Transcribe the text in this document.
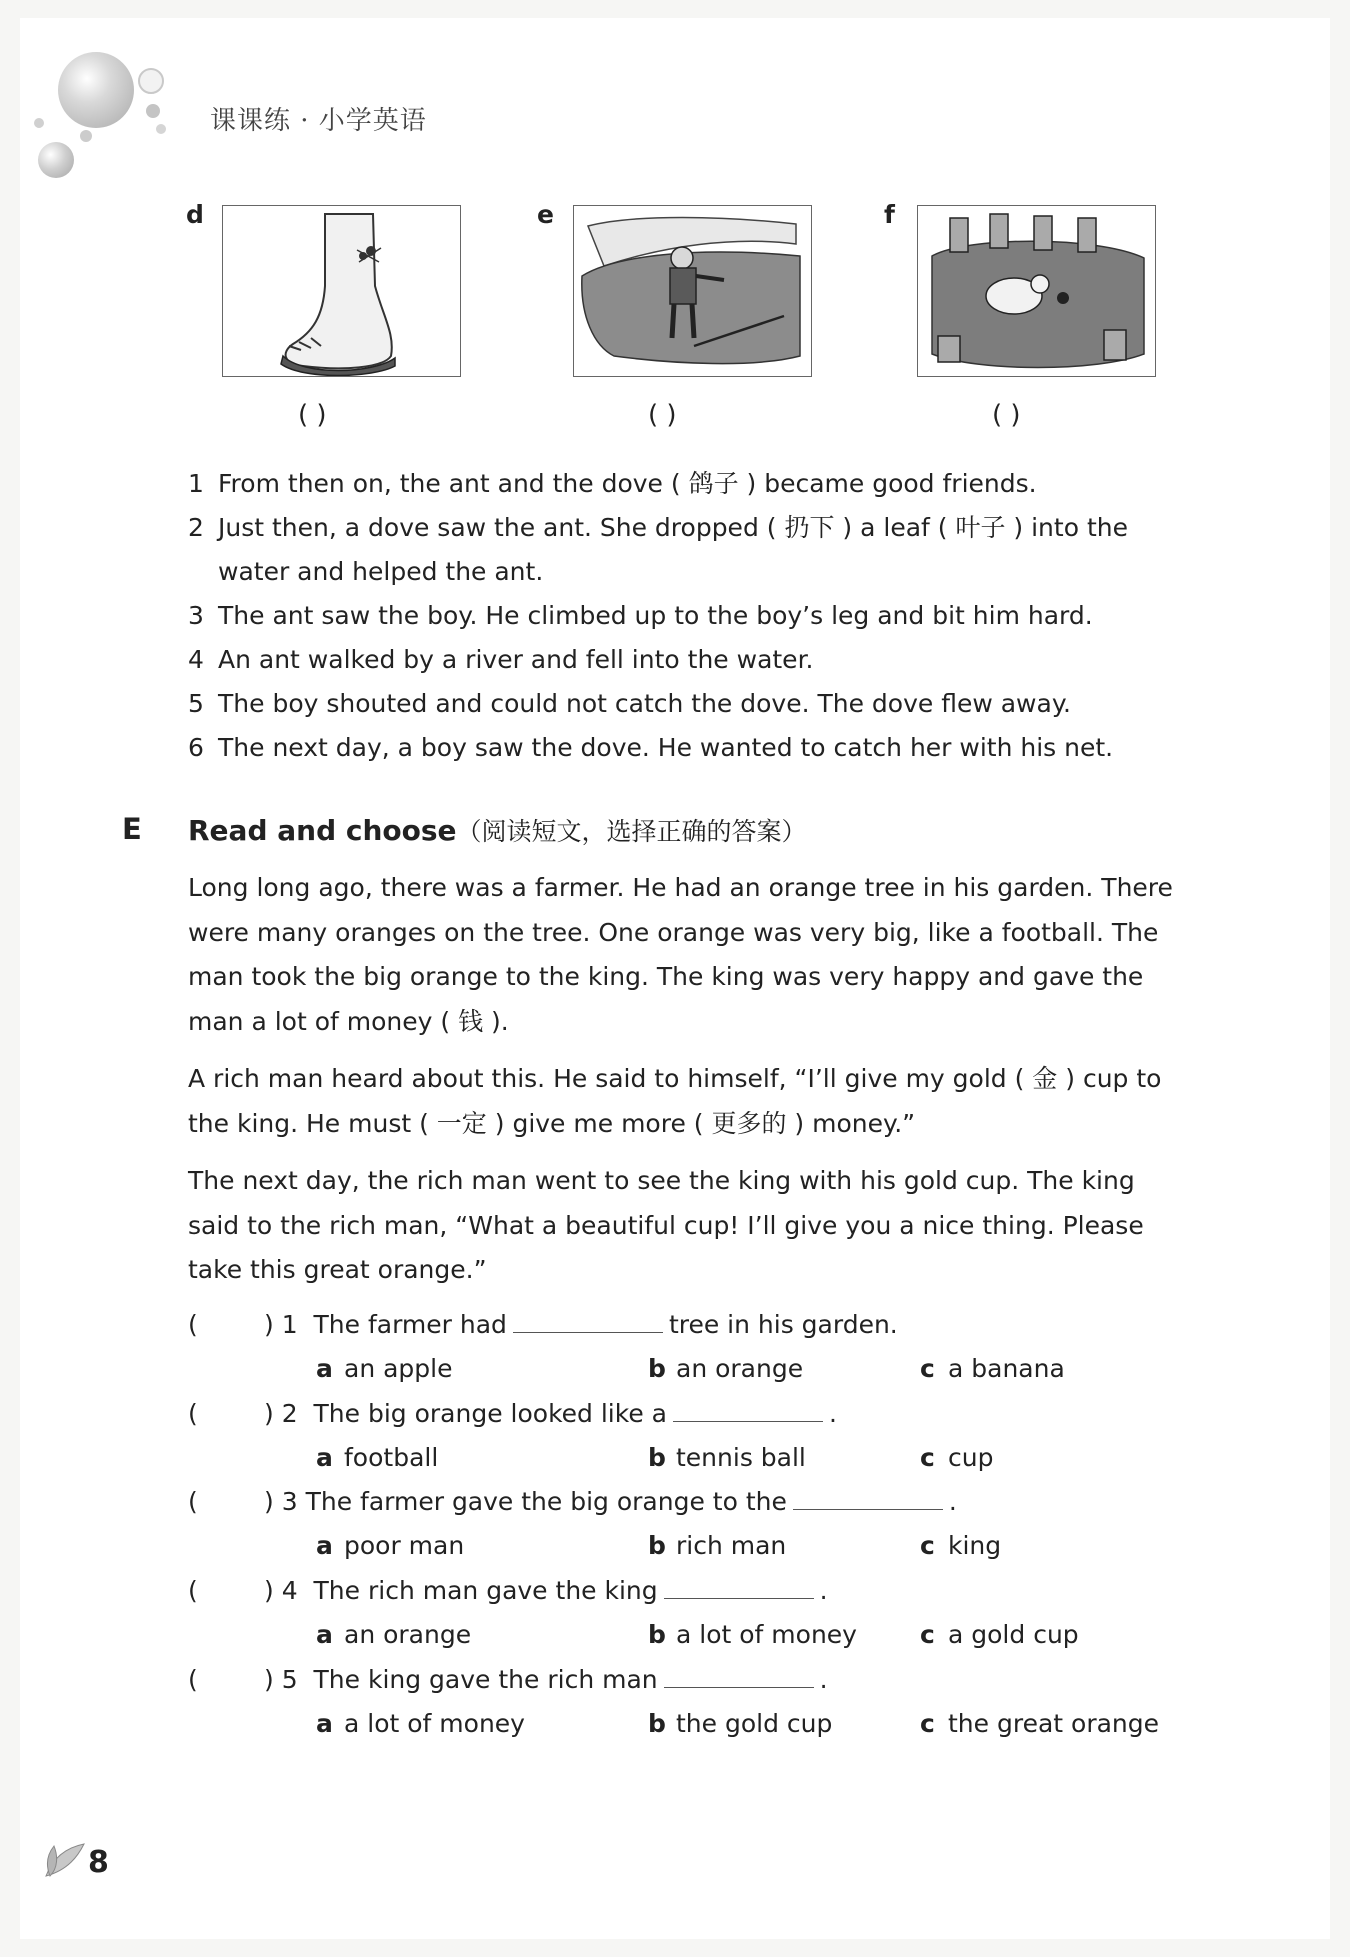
课课练 · 小学英语
d
( )
e
( )
f
( )
1 From then on, the ant and the dove ( 鸽子 ) became good friends.
2 Just then, a dove saw the ant. She dropped ( 扔下 ) a leaf ( 叶子 ) into the
water and helped the ant.
3 The ant saw the boy. He climbed up to the boy’s leg and bit him hard.
4 An ant walked by a river and fell into the water.
5 The boy shouted and could not catch the dove. The dove flew away.
6 The next day, a boy saw the dove. He wanted to catch her with his net.
E Read and choose（阅读短文，选择正确的答案）
Long long ago, there was a farmer. He had an orange tree in his garden. There were many oranges on the tree. One orange was very big, like a football. The man took the big orange to the king. The king was very happy and gave the man a lot of money ( 钱 ).
A rich man heard about this. He said to himself, “I’ll give my gold ( 金 ) cup to the king. He must ( 一定 ) give me more ( 更多的 ) money.”
The next day, the rich man went to see the king with his gold cup. The king said to the rich man, “What a beautiful cup! I’ll give you a nice thing. Please take this great orange.”
(	) 1 The farmer had	tree in his garden.
a an apple	b an orange	c a banana
(	) 2 The big orange looked like a	.
a football	b tennis ball	c cup
(	) 3 The farmer gave the big orange to the	.
a poor man	b rich man	c king
(	) 4 The rich man gave the king	.
a an orange	b a lot of money	c a gold cup
(	) 5 The king gave the rich man	.
a a lot of money	b the gold cup	c the great orange
8
